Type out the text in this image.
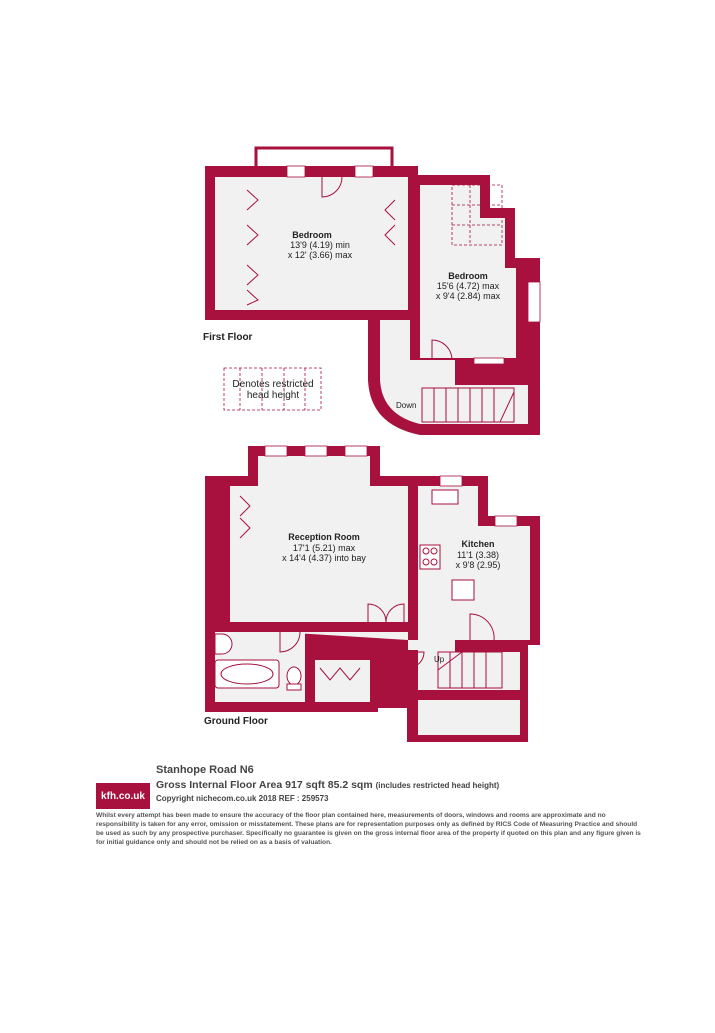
Bedroom
13'9 (4.19) min
x 12' (3.66) max
Bedroom
15'6 (4.72) max
x 9'4 (2.84) max
Down
First Floor
Denotes restricted
head height
Reception Room
17'1 (5.21) max
x 14'4 (4.37) into bay
Kitchen
11'1 (3.38)
x 9'8 (2.95)
Up
Ground Floor
kfh.co.uk
Stanhope Road N6
Gross Internal Floor Area 917 sqft 85.2 sqm (includes restricted head height)
Copyright nichecom.co.uk 2018 REF : 259573
Whilst every attempt has been made to ensure the accuracy of the floor plan contained here, measurements of doors, windows and rooms are approximate and no responsibility is taken for any error, omission or misstatement. These plans are for representation purposes only as defined by RICS Code of Measuring Practice and should be used as such by any prospective purchaser. Specifically no guarantee is given on the gross internal floor area of the property if quoted on this plan and any figure given is for initial guidance only and should not be relied on as a basis of valuation.
